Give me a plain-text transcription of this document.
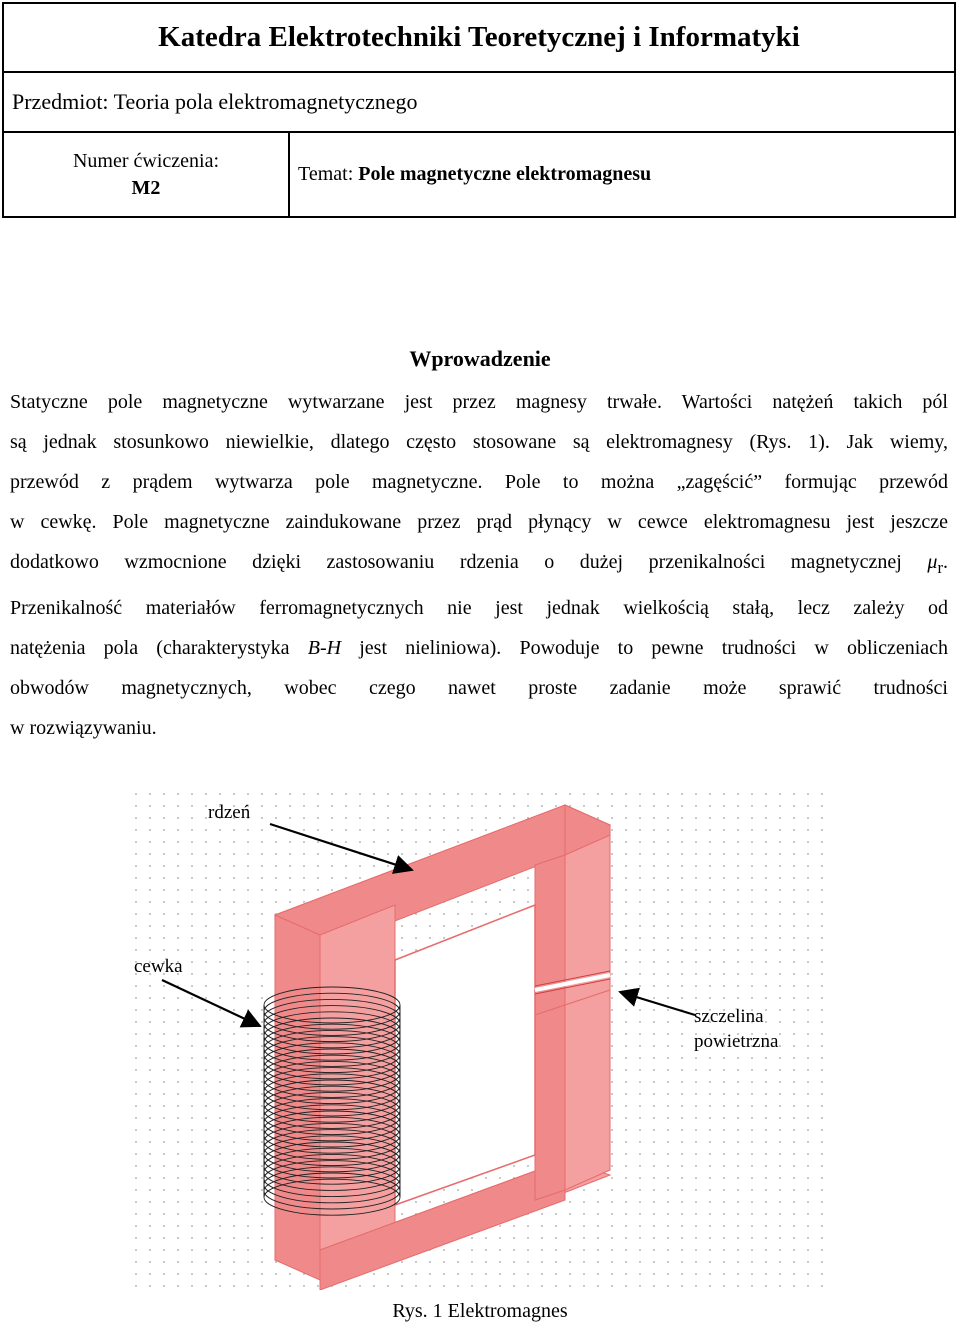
Katedra Elektrotechniki Teoretycznej i Informatyki
Przedmiot: Teoria pola elektromagnetycznego
Numer ćwiczenia:
M2
Temat:
Pole magnetyczne elektromagnesu
Wprowadzenie
Statyczne pole magnetyczne wytwarzane jest przez magnesy trwałe. Wartości natężeń takich pól
są jednak stosunkowo niewielkie, dlatego często stosowane są elektromagnesy (Rys. 1). Jak wiemy,
przewód z prądem wytwarza pole magnetyczne. Pole to można „zagęścić” formując przewód
w cewkę. Pole magnetyczne zaindukowane przez prąd płynący w cewce elektromagnesu jest jeszcze
dodatkowo wzmocnione dzięki zastosowaniu rdzenia o dużej przenikalności magnetycznej $\mu_r$.
Przenikalność materiałów ferromagnetycznych nie jest jednak wielkością stałą, lecz zależy od
natężenia pola (charakterystyka B-H jest nieliniowa). Powoduje to pewne trudności w obliczeniach
obwodów magnetycznych, wobec czego nawet proste zadanie może sprawić trudności
w rozwiązywaniu.
rdzeń
cewka
szczelina
powietrzna
Rys. 1 Elektromagnes
